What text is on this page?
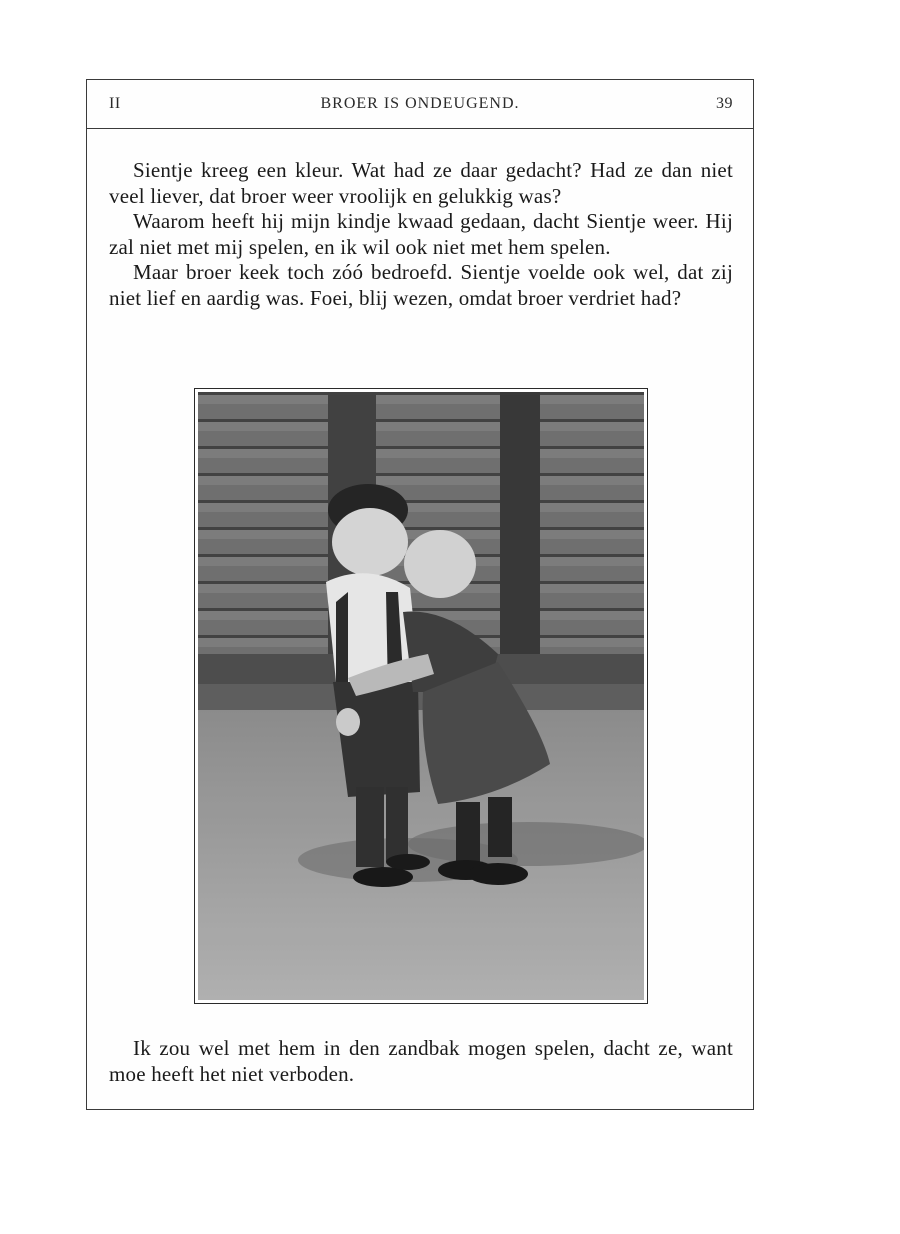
II	BROER IS ONDEUGEND.	39

Sientje kreeg een kleur. Wat had ze daar gedacht? Had ze dan niet veel liever, dat broer weer vroolijk en gelukkig was?

Waarom heeft hij mijn kindje kwaad gedaan, dacht Sientje weer. Hij zal niet met mij spelen, en ik wil ook niet met hem spelen.

Maar broer keek toch zóó bedroefd. Sientje voelde ook wel, dat zij niet lief en aardig was. Foei, blij wezen, omdat broer verdriet had?

Ik zou wel met hem in den zandbak mogen spelen, dacht ze, want moe heeft het niet verboden.
